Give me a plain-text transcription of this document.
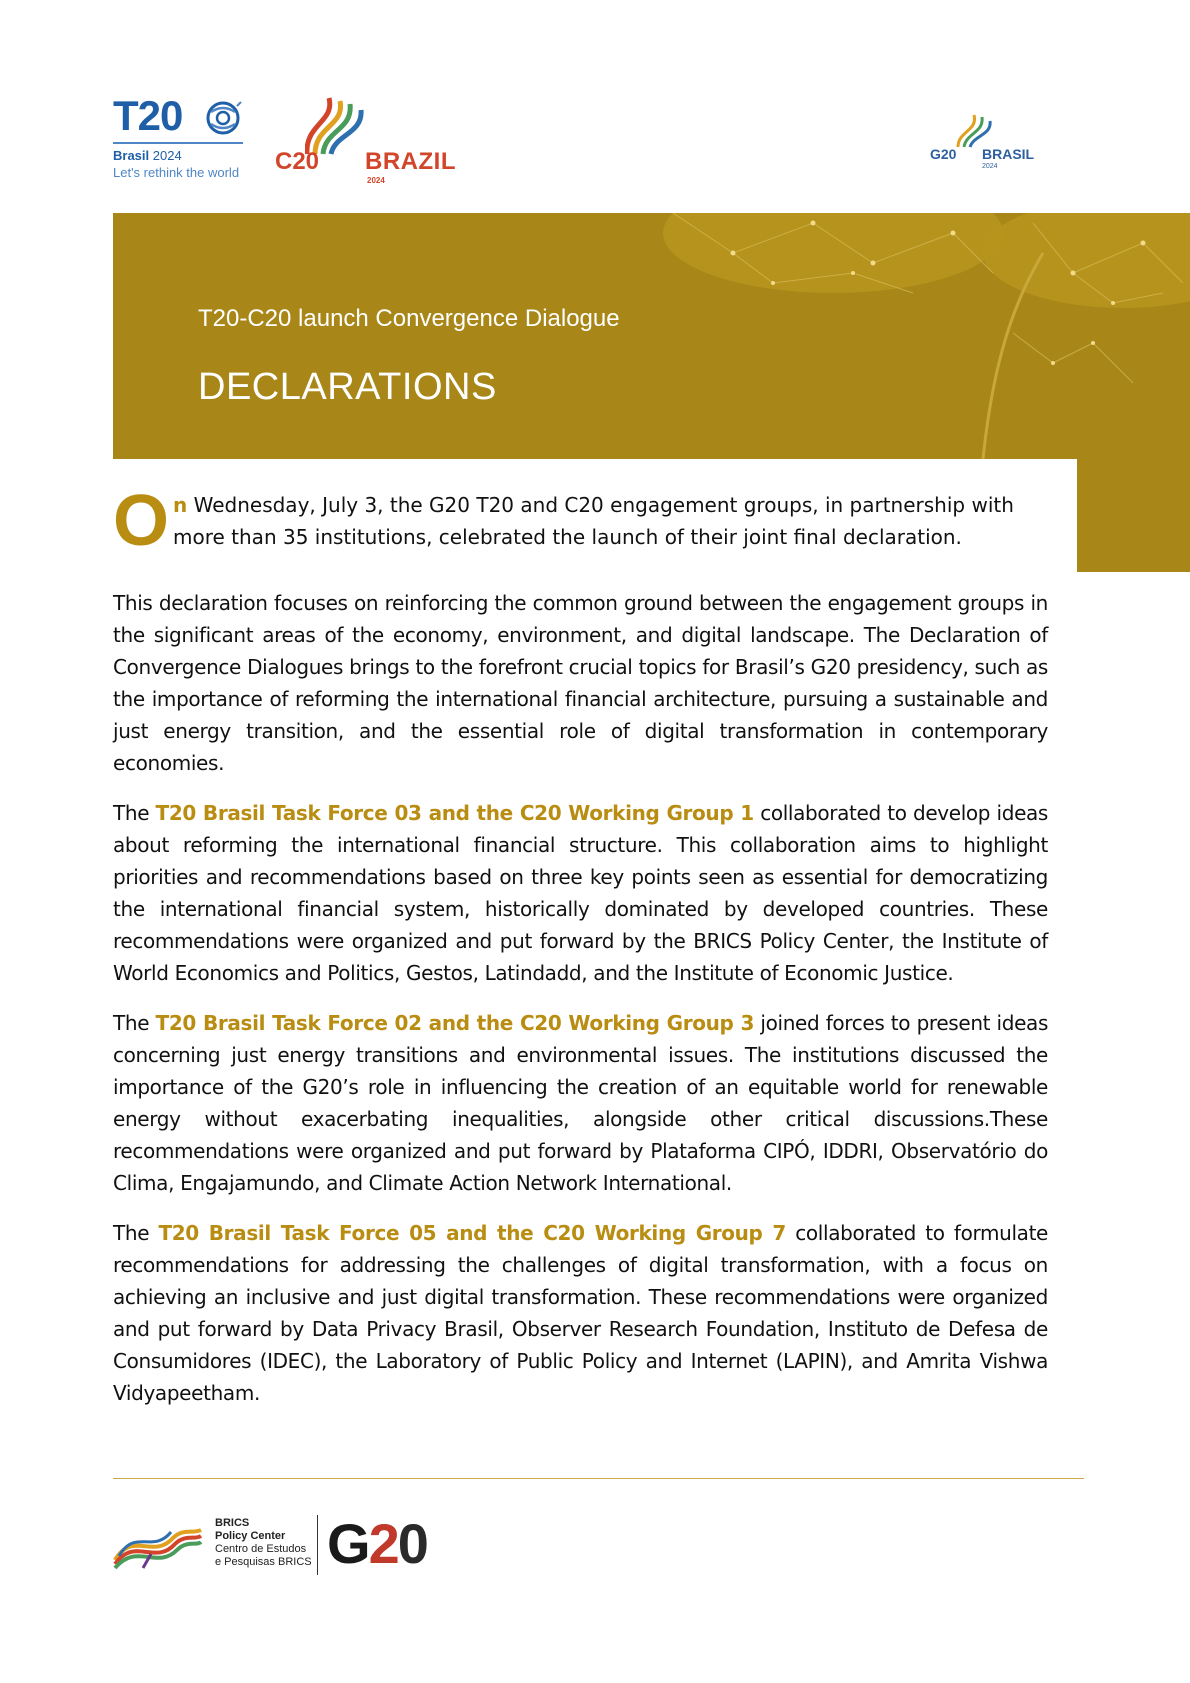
T20
Brasil 2024
Let's rethink the world C20 BRAZIL
2024
G20 BRASIL
2024
T20-C20 launch Convergence Dialogue
DECLARATIONS
O n Wednesday, July 3, the G20 T20 and C20 engagement groups, in partnership with more than 35 institutions, celebrated the launch of their joint final declaration.

This declaration focuses on reinforcing the common ground between the engagement groups in the significant areas of the economy, environment, and digital landscape. The Declaration of Convergence Dialogues brings to the forefront crucial topics for Brasil’s G20 presidency, such as the importance of reforming the international financial architecture, pursuing a sustainable and just energy transition, and the essential role of digital transformation in contemporary economies.

The T20 Brasil Task Force 03 and the C20 Working Group 1 collaborated to develop ideas about reforming the international financial structure. This collaboration aims to highlight priorities and recommendations based on three key points seen as essential for democratizing the international financial system, historically dominated by developed countries. These recommendations were organized and put forward by the BRICS Policy Center, the Institute of World Economics and Politics, Gestos, Latindadd, and the Institute of Economic Justice.

The T20 Brasil Task Force 02 and the C20 Working Group 3 joined forces to present ideas concerning just energy transitions and environmental issues. The institutions discussed the importance of the G20’s role in influencing the creation of an equitable world for renewable energy without exacerbating inequalities, alongside other critical discussions.These recommendations were organized and put forward by Plataforma CIPÓ, IDDRI, Observatório do Clima, Engajamundo, and Climate Action Network International.

The T20 Brasil Task Force 05 and the C20 Working Group 7 collaborated to formulate recommendations for addressing the challenges of digital transformation, with a focus on achieving an inclusive and just digital transformation. These recommendations were organized and put forward by Data Privacy Brasil, Observer Research Foundation, Instituto de Defesa de Consumidores (IDEC), the Laboratory of Public Policy and Internet (LAPIN), and Amrita Vishwa Vidyapeetham.

BRICS
Policy Center
Centro de Estudos
e Pesquisas BRICS G20
